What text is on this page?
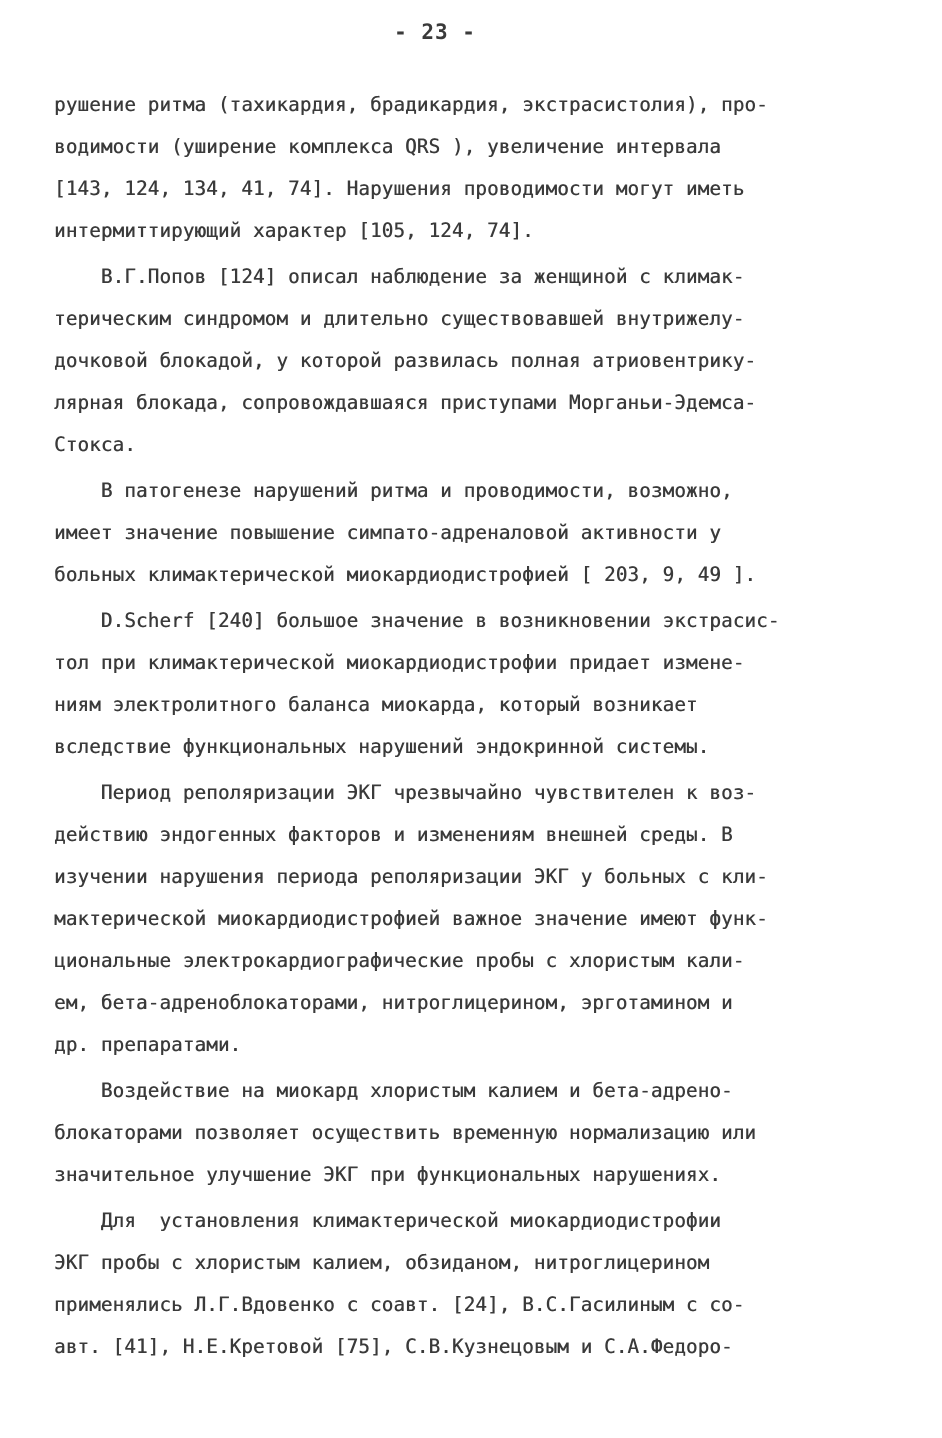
- 23 -
рушение ритма (тахикардия, брадикардия, экстрасистолия), про-
водимости (уширение комплекса QRS ), увеличение интервала
[143, 124, 134, 41, 74]. Нарушения проводимости могут иметь
интермиттирующий характер [105, 124, 74].
В.Г.Попов [124] описал наблюдение за женщиной с климак-
терическим синдромом и длительно существовавшей внутрижелу-
дочковой блокадой, у которой развилась полная атриовентрику-
лярная блокада, сопровождавшаяся приступами Морганьи-Эдемса-
Стокса.
В патогенезе нарушений ритма и проводимости, возможно,
имеет значение повышение симпато-адреналовой активности у
больных климактерической миокардиодистрофией [ 203, 9, 49 ].
D.Scherf [240] большое значение в возникновении экстрасис-
тол при климактерической миокардиодистрофии придает измене-
ниям электролитного баланса миокарда, который возникает
вследствие функциональных нарушений эндокринной системы.
Период реполяризации ЭКГ чрезвычайно чувствителен к воз-
действию эндогенных факторов и изменениям внешней среды. В
изучении нарушения периода реполяризации ЭКГ у больных с кли-
мактерической миокардиодистрофией важное значение имеют функ-
циональные электрокардиографические пробы с хлористым кали-
ем, бета-адреноблокаторами, нитроглицерином, эрготамином и
др. препаратами.
Воздействие на миокард хлористым калием и бета-адрено-
блокаторами позволяет осуществить временную нормализацию или
значительное улучшение ЭКГ при функциональных нарушениях.
Для  установления климактерической миокардиодистрофии
ЭКГ пробы с хлористым калием, обзиданом, нитроглицерином
применялись Л.Г.Вдовенко с соавт. [24], В.С.Гасилиным с со-
авт. [41], Н.Е.Кретовой [75], С.В.Кузнецовым и С.А.Федоро-
